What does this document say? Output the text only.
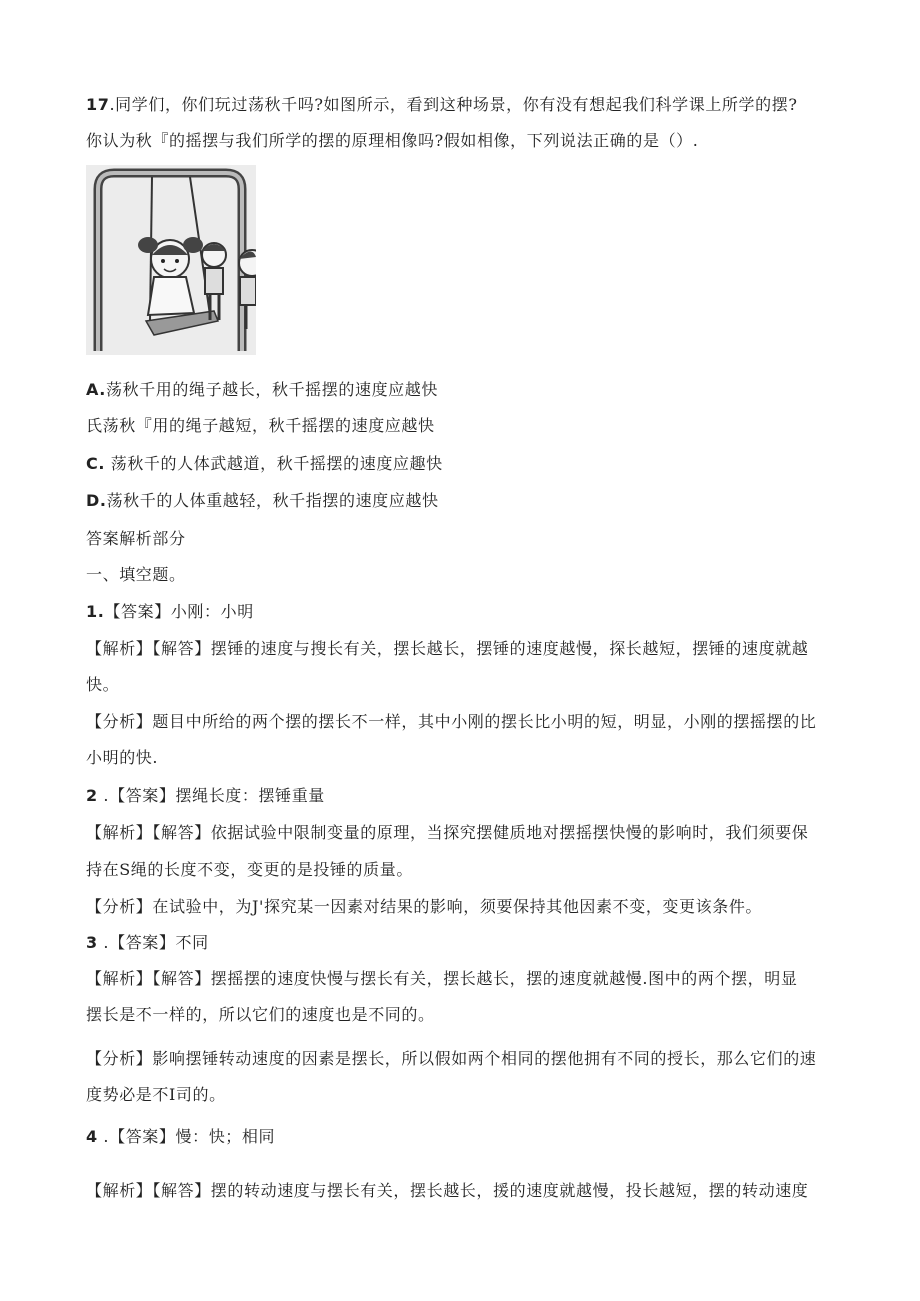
17.同学们，你们玩过荡秋千吗?如图所示，看到这种场景，你有没有想起我们科学课上所学的摆?
你认为秋『的摇摆与我们所学的摆的原理相像吗?假如相像，下列说法正确的是（）.
A.荡秋千用的绳子越长，秋千摇摆的速度应越快
氏荡秋『用的绳子越短，秋千摇摆的速度应越快
C. 荡秋千的人体武越道，秋千摇摆的速度应趣快
D.荡秋千的人体重越轻，秋千指摆的速度应越快
答案解析部分
一、填空题。
1.【答案】小刚：小明
【解析】【解答】摆锤的速度与搜长有关，摆长越长，摆锤的速度越慢，探长越短，摆锤的速度就越
快。
【分析】题目中所给的两个摆的摆长不一样，其中小刚的摆长比小明的短，明显，小刚的摆摇摆的比
小明的快.
2 .【答案】摆绳长度：摆锤重量
【解析】【解答】依据试验中限制变量的原理，当探究摆健质地对摆摇摆快慢的影响时，我们须要保
持在S绳的长度不变，变更的是投锤的质量。
【分析】在试验中，为J'探究某一因素对结果的影响，须要保持其他因素不变，变更该条件。
3 .【答案】不同
【解析】【解答】摆摇摆的速度快慢与摆长有关，摆长越长，摆的速度就越慢.图中的两个摆，明显
摆长是不一样的，所以它们的速度也是不同的。
【分析】影响摆锤转动速度的因素是摆长，所以假如两个相同的摆他拥有不同的授长，那么它们的速
度势必是不I司的。
4 .【答案】慢：快；相同
【解析】【解答】摆的转动速度与摆长有关，摆长越长，援的速度就越慢，投长越短，摆的转动速度
